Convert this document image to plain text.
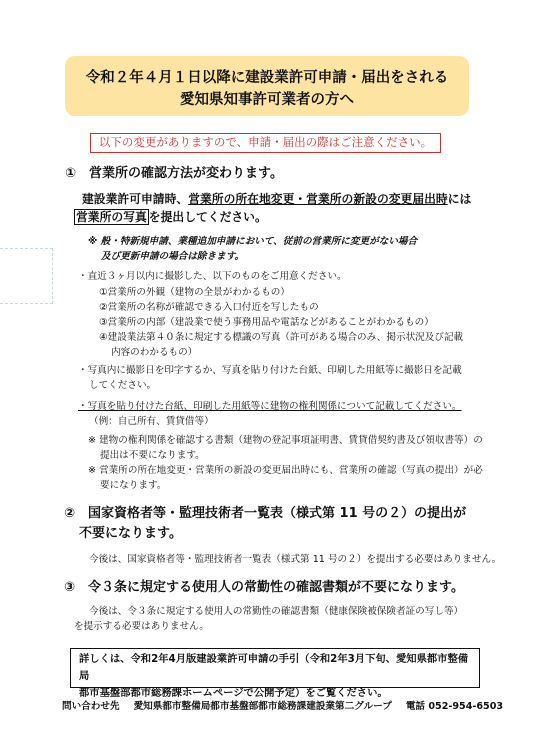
令和２年４月１日以降に建設業許可申請・届出をされる
愛知県知事許可業者の方へ
以下の変更がありますので、申請・届出の際はご注意ください。
①　営業所の確認方法が変わります。
建設業許可申請時、営業所の所在地変更・営業所の新設の変更届出時には
営業所の写真 を提出してください。
※ 般・特新規申請、業種追加申請において、従前の営業所に変更がない場合
及び更新申請の場合は除きます。
・直近３ヶ月以内に撮影した、以下のものをご用意ください。
①営業所の外観（建物の全景がわかるもの）
②営業所の名称が確認できる入口付近を写したもの
③営業所の内部（建設業で使う事務用品や電話などがあることがわかるもの）
④建設業法第４０条に規定する標識の写真（許可がある場合のみ、掲示状況及び記載
内容のわかるもの）
・写真内に撮影日を印字するか、写真を貼り付けた台紙、印刷した用紙等に撮影日を記載
してください。
・写真を貼り付けた台紙、印刷した用紙等に建物の権利関係について記載してください。
（例：自己所有、賃貸借等）
※ 建物の権利関係を確認する書類（建物の登記事項証明書、賃貸借契約書及び領収書等）の
提出は不要になります。
※ 営業所の所在地変更・営業所の新設の変更届出時にも、営業所の確認（写真の提出）が必
要になります。
②　国家資格者等・監理技術者一覧表（様式第 11 号の２）の提出が
不要になります。
今後は、国家資格者等・監理技術者一覧表（様式第 11 号の２）を提出する必要はありません。
③　令３条に規定する使用人の常勤性の確認書類が不要になります。
今後は、令３条に規定する使用人の常勤性の確認書類（健康保険被保険者証の写し等）
を提示する必要はありません。
詳しくは、令和2年4月版建設業許可申請の手引（令和2年3月下旬、愛知県都市整備局
都市基盤部都市総務課ホームページで公開予定）をご覧ください。
問い合わせ先 愛知県都市整備局都市基盤部都市総務課建設業第二グループ 電話 052-954-6503
